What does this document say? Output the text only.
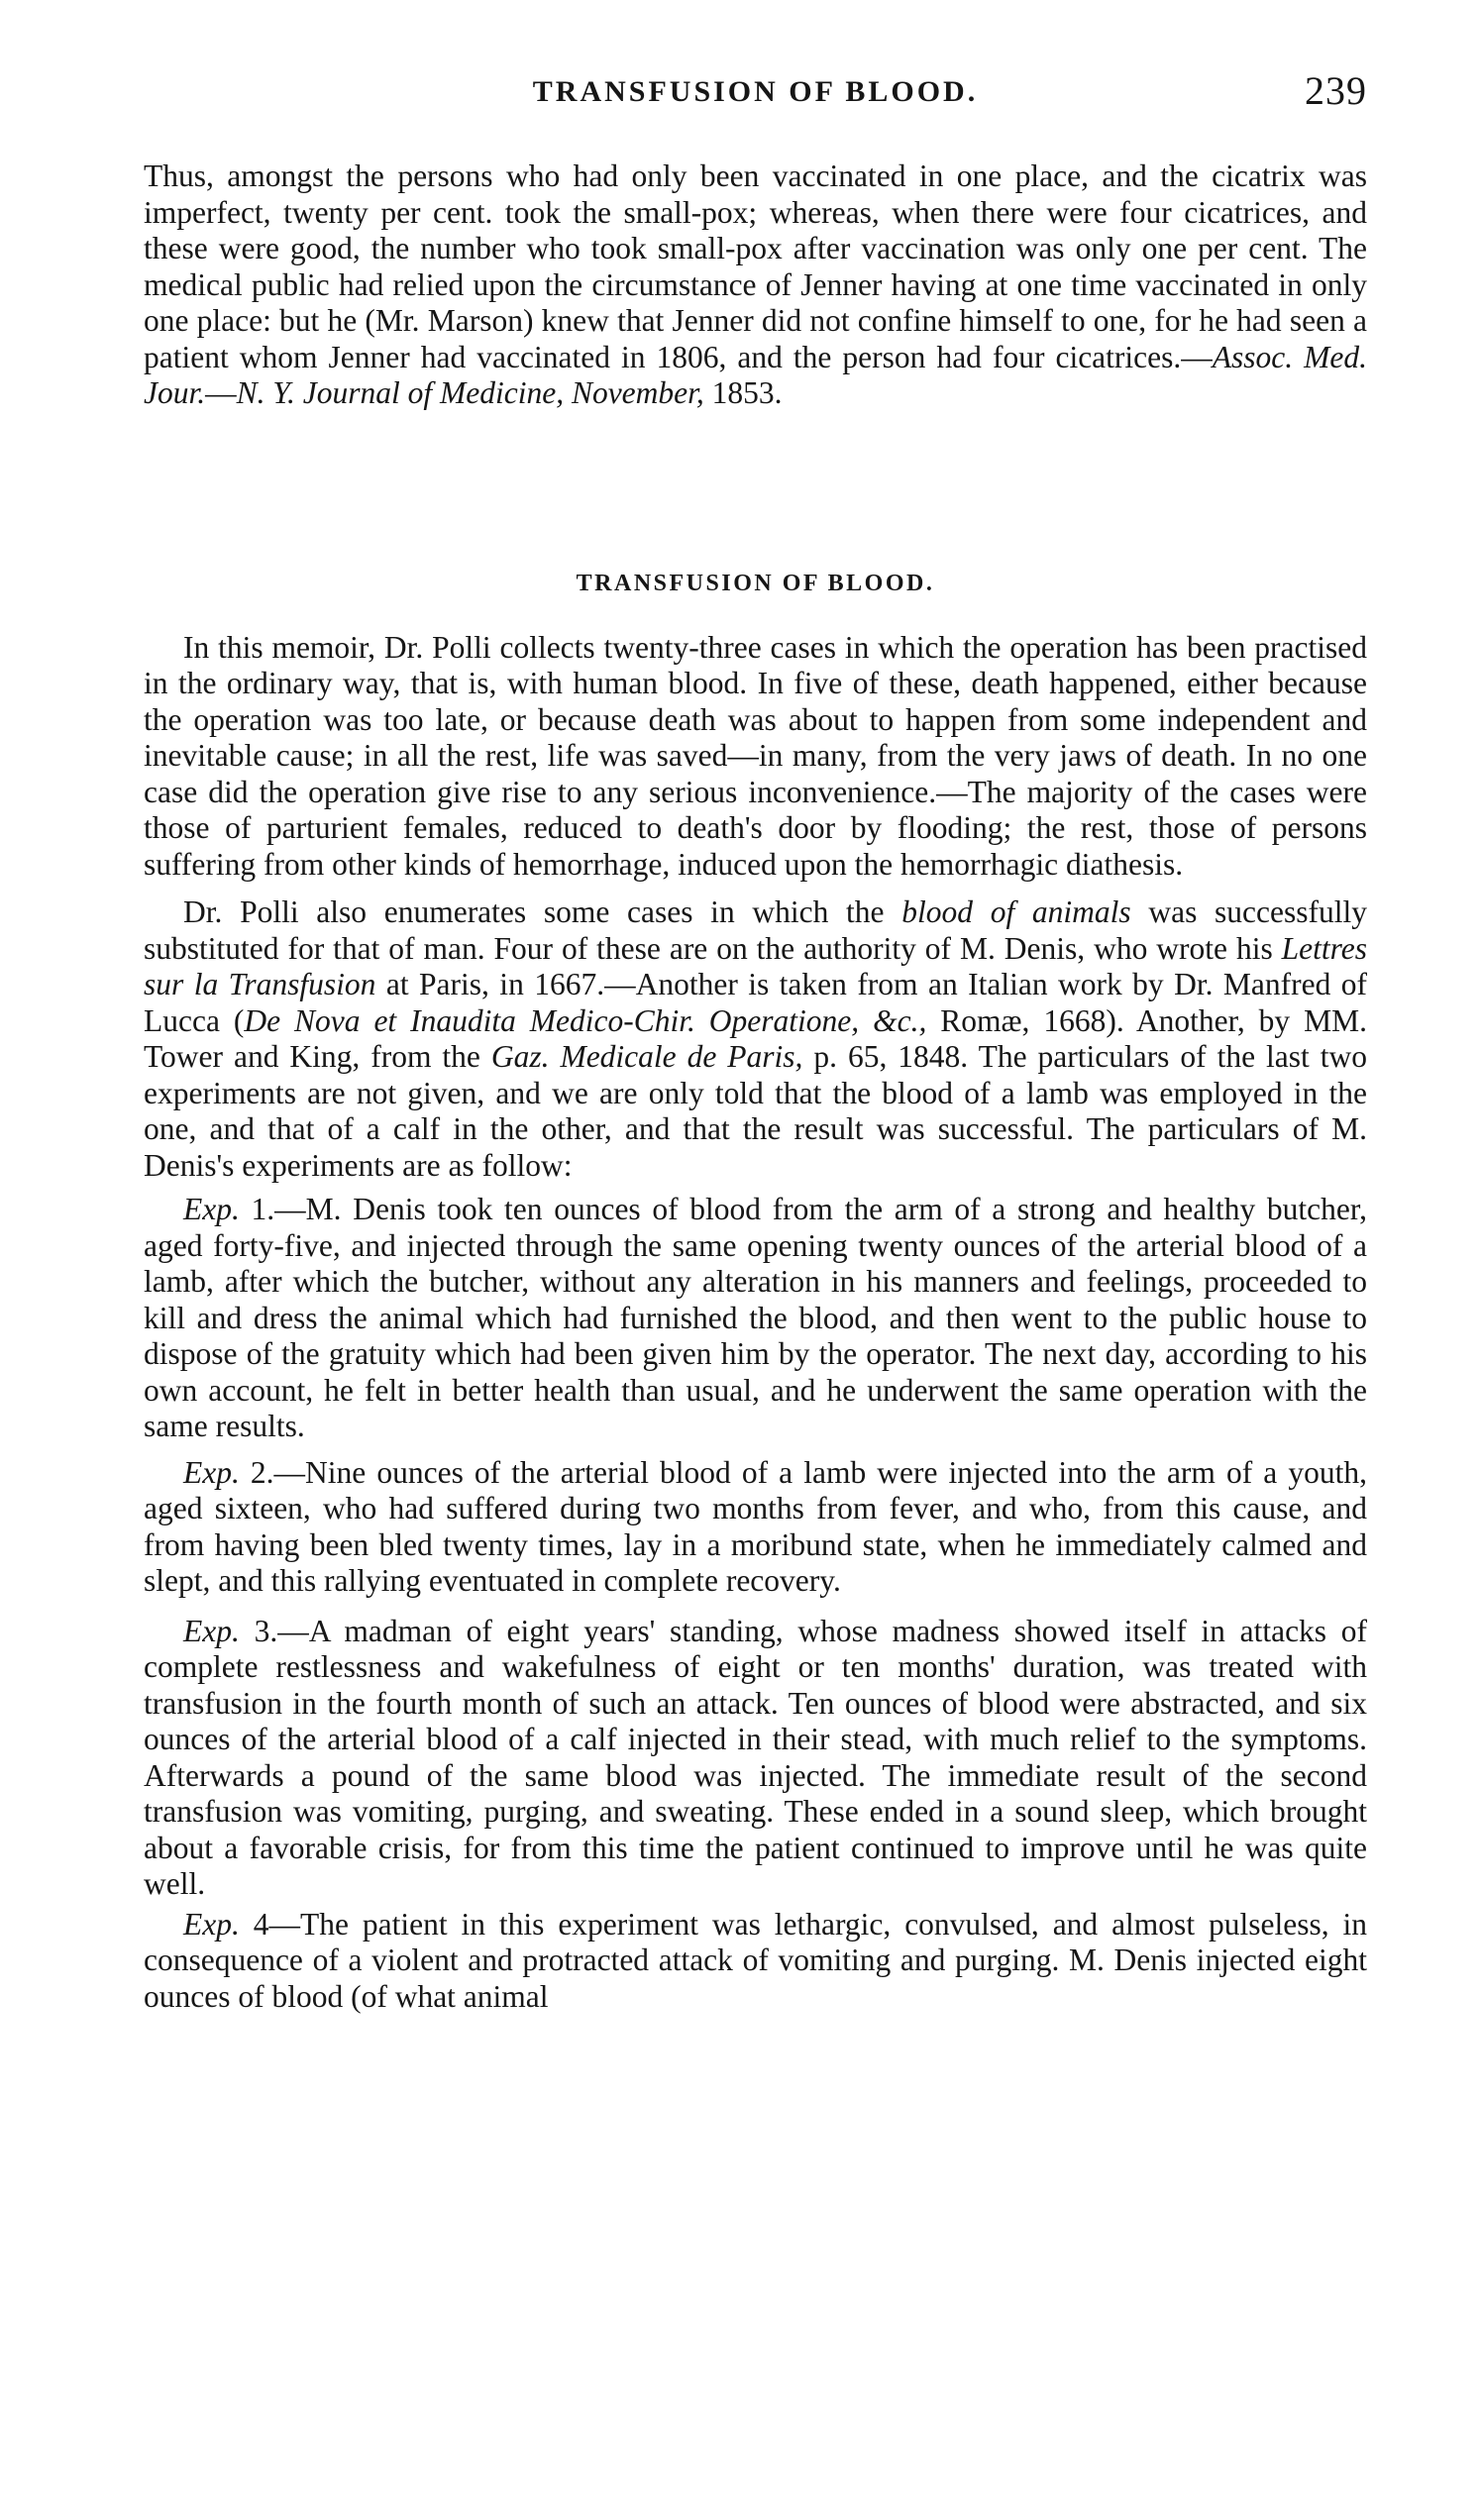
TRANSFUSION OF BLOOD.	239

Thus, amongst the persons who had only been vaccinated in one place, and the cicatrix was imperfect, twenty per cent. took the small-pox; whereas, when there were four cicatrices, and these were good, the number who took small-pox after vaccination was only one per cent. The medical public had relied upon the circumstance of Jenner having at one time vaccinated in only one place: but he (Mr. Marson) knew that Jenner did not confine himself to one, for he had seen a patient whom Jenner had vaccinated in 1806, and the person had four cicatrices.—Assoc. Med. Jour.—N. Y. Journal of Medicine, November, 1853.

TRANSFUSION OF BLOOD.

In this memoir, Dr. Polli collects twenty-three cases in which the operation has been practised in the ordinary way, that is, with human blood. In five of these, death happened, either because the operation was too late, or because death was about to happen from some independent and inevitable cause; in all the rest, life was saved—in many, from the very jaws of death. In no one case did the operation give rise to any serious inconvenience.—The majority of the cases were those of parturient females, reduced to death's door by flooding; the rest, those of persons suffering from other kinds of hemorrhage, induced upon the hemorrhagic diathesis.

Dr. Polli also enumerates some cases in which the blood of animals was successfully substituted for that of man. Four of these are on the authority of M. Denis, who wrote his Lettres sur la Transfusion at Paris, in 1667.—Another is taken from an Italian work by Dr. Manfred of Lucca (De Nova et Inaudita Medico-Chir. Operatione, &c., Romæ, 1668). Another, by MM. Tower and King, from the Gaz. Medicale de Paris, p. 65, 1848. The particulars of the last two experiments are not given, and we are only told that the blood of a lamb was employed in the one, and that of a calf in the other, and that the result was successful. The particulars of M. Denis's experiments are as follow:

Exp. 1.—M. Denis took ten ounces of blood from the arm of a strong and healthy butcher, aged forty-five, and injected through the same opening twenty ounces of the arterial blood of a lamb, after which the butcher, without any alteration in his manners and feelings, proceeded to kill and dress the animal which had furnished the blood, and then went to the public house to dispose of the gratuity which had been given him by the operator. The next day, according to his own account, he felt in better health than usual, and he underwent the same operation with the same results.

Exp. 2.—Nine ounces of the arterial blood of a lamb were injected into the arm of a youth, aged sixteen, who had suffered during two months from fever, and who, from this cause, and from having been bled twenty times, lay in a moribund state, when he immediately calmed and slept, and this rallying eventuated in complete recovery.

Exp. 3.—A madman of eight years' standing, whose madness showed itself in attacks of complete restlessness and wakefulness of eight or ten months' duration, was treated with transfusion in the fourth month of such an attack. Ten ounces of blood were abstracted, and six ounces of the arterial blood of a calf injected in their stead, with much relief to the symptoms. Afterwards a pound of the same blood was injected. The immediate result of the second transfusion was vomiting, purging, and sweating. These ended in a sound sleep, which brought about a favorable crisis, for from this time the patient continued to improve until he was quite well.

Exp. 4—The patient in this experiment was lethargic, convulsed, and almost pulseless, in consequence of a violent and protracted attack of vomiting and purging. M. Denis injected eight ounces of blood (of what animal
